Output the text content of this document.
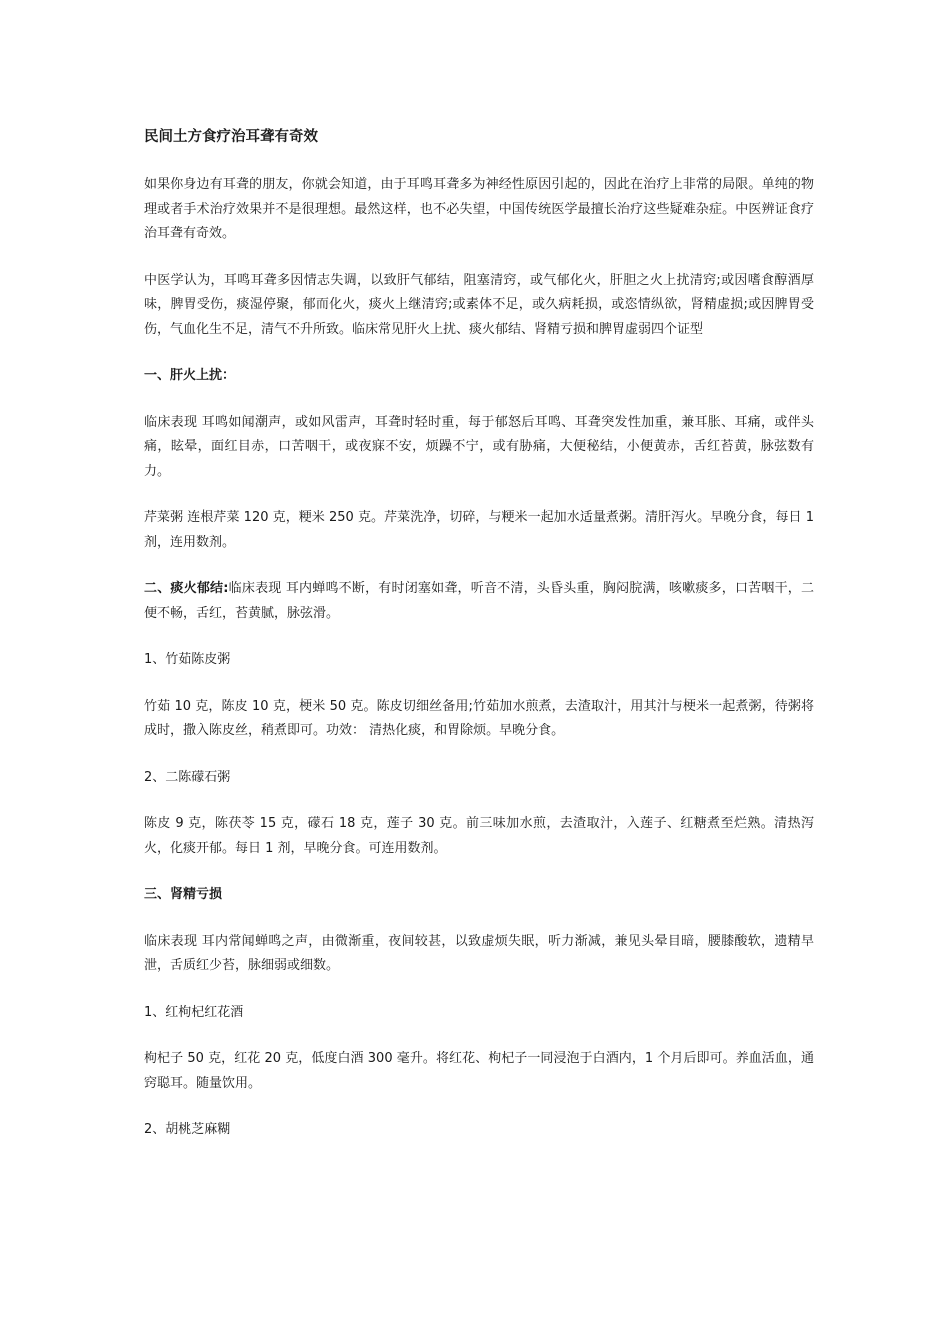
民间土方食疗治耳聋有奇效

如果你身边有耳聋的朋友，你就会知道，由于耳鸣耳聋多为神经性原因引起的，因此在治疗上非常的局限。单纯的物理或者手术治疗效果并不是很理想。最然这样，也不必失望，中国传统医学最擅长治疗这些疑难杂症。中医辨证食疗治耳聋有奇效。

中医学认为，耳鸣耳聋多因情志失调，以致肝气郁结，阻塞清窍，或气郁化火，肝胆之火上扰清窍;或因嗜食醇酒厚味，脾胃受伤，痰湿停聚，郁而化火，痰火上继清窍;或素体不足，或久病耗损，或恣情纵欲，肾精虚损;或因脾胃受伤，气血化生不足，清气不升所致。临床常见肝火上扰、痰火郁结、肾精亏损和脾胃虚弱四个证型

一、肝火上扰：

临床表现 耳鸣如闻潮声，或如风雷声，耳聋时轻时重，每于郁怒后耳鸣、耳聋突发性加重，兼耳胀、耳痛，或伴头痛，眩晕，面红目赤，口苦咽干，或夜寐不安，烦躁不宁，或有胁痛，大便秘结，小便黄赤，舌红苔黄，脉弦数有力。

芹菜粥 连根芹菜 120 克，粳米 250 克。芹菜洗净，切碎，与粳米一起加水适量煮粥。清肝泻火。早晚分食，每日 1 剂，连用数剂。

二、痰火郁结:临床表现 耳内蝉鸣不断，有时闭塞如聋，听音不清，头昏头重，胸闷脘满，咳嗽痰多，口苦咽干，二便不畅，舌红，苔黄腻，脉弦滑。

1、竹茹陈皮粥

竹茹 10 克，陈皮 10 克，梗米 50 克。陈皮切细丝备用;竹茹加水煎煮，去渣取汁，用其汁与梗米一起煮粥，待粥将成时，撒入陈皮丝，稍煮即可。功效： 清热化痰，和胃除烦。早晚分食。

2、二陈礞石粥

陈皮 9 克，陈茯苓 15 克，礞石 18 克，莲子 30 克。前三味加水煎，去渣取汁，入莲子、红糖煮至烂熟。清热泻火，化痰开郁。每日 1 剂，早晚分食。可连用数剂。

三、肾精亏损

临床表现 耳内常闻蝉鸣之声，由微渐重，夜间较甚，以致虚烦失眠，听力渐减，兼见头晕目暗，腰膝酸软，遗精早泄，舌质红少苔，脉细弱或细数。

1、红枸杞红花酒

枸杞子 50 克，红花 20 克，低度白酒 300 毫升。将红花、枸杞子一同浸泡于白酒内，1 个月后即可。养血活血，通窍聪耳。随量饮用。

2、胡桃芝麻糊
